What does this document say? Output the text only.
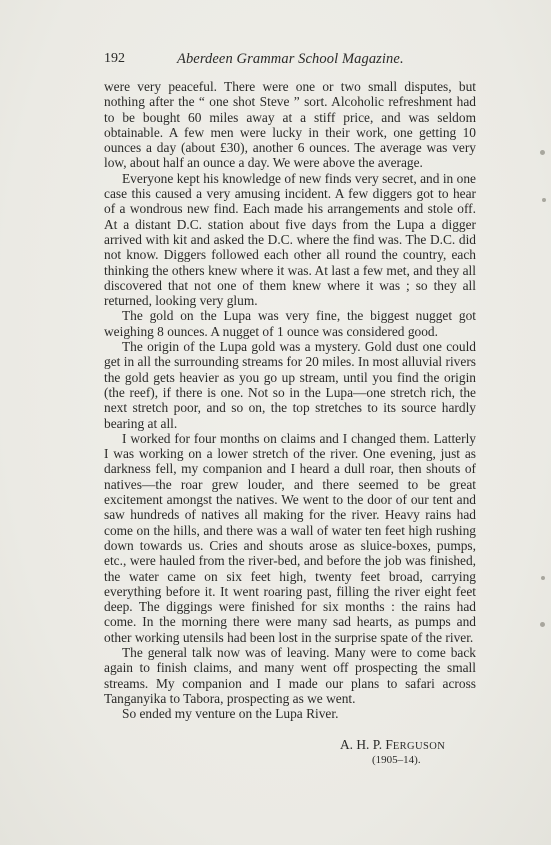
192	Aberdeen Grammar School Magazine.

were very peaceful. There were one or two small disputes, but nothing after the “ one shot Steve ” sort. Alcoholic refreshment had to be bought 60 miles away at a stiff price, and was seldom obtainable. A few men were lucky in their work, one getting 10 ounces a day (about £30), another 6 ounces. The average was very low, about half an ounce a day. We were above the average.

Everyone kept his knowledge of new finds very secret, and in one case this caused a very amusing incident. A few diggers got to hear of a wondrous new find. Each made his arrangements and stole off. At a distant D.C. station about five days from the Lupa a digger arrived with kit and asked the D.C. where the find was. The D.C. did not know. Diggers followed each other all round the country, each thinking the others knew where it was. At last a few met, and they all discovered that not one of them knew where it was ; so they all returned, looking very glum.

The gold on the Lupa was very fine, the biggest nugget got weighing 8 ounces. A nugget of 1 ounce was considered good.

The origin of the Lupa gold was a mystery. Gold dust one could get in all the surrounding streams for 20 miles. In most alluvial rivers the gold gets heavier as you go up stream, until you find the origin (the reef), if there is one. Not so in the Lupa—one stretch rich, the next stretch poor, and so on, the top stretches to its source hardly bearing at all.

I worked for four months on claims and I changed them. Latterly I was working on a lower stretch of the river. One evening, just as darkness fell, my companion and I heard a dull roar, then shouts of natives—the roar grew louder, and there seemed to be great excitement amongst the natives. We went to the door of our tent and saw hundreds of natives all making for the river. Heavy rains had come on the hills, and there was a wall of water ten feet high rushing down towards us. Cries and shouts arose as sluice-boxes, pumps, etc., were hauled from the river-bed, and before the job was finished, the water came on six feet high, twenty feet broad, carrying everything before it. It went roaring past, filling the river eight feet deep. The diggings were finished for six months : the rains had come. In the morning there were many sad hearts, as pumps and other working utensils had been lost in the surprise spate of the river.

The general talk now was of leaving. Many were to come back again to finish claims, and many went off prospecting the small streams. My companion and I made our plans to safari across Tanganyika to Tabora, prospecting as we went.

So ended my venture on the Lupa River.

A. H. P. FERGUSON
(1905–14).
